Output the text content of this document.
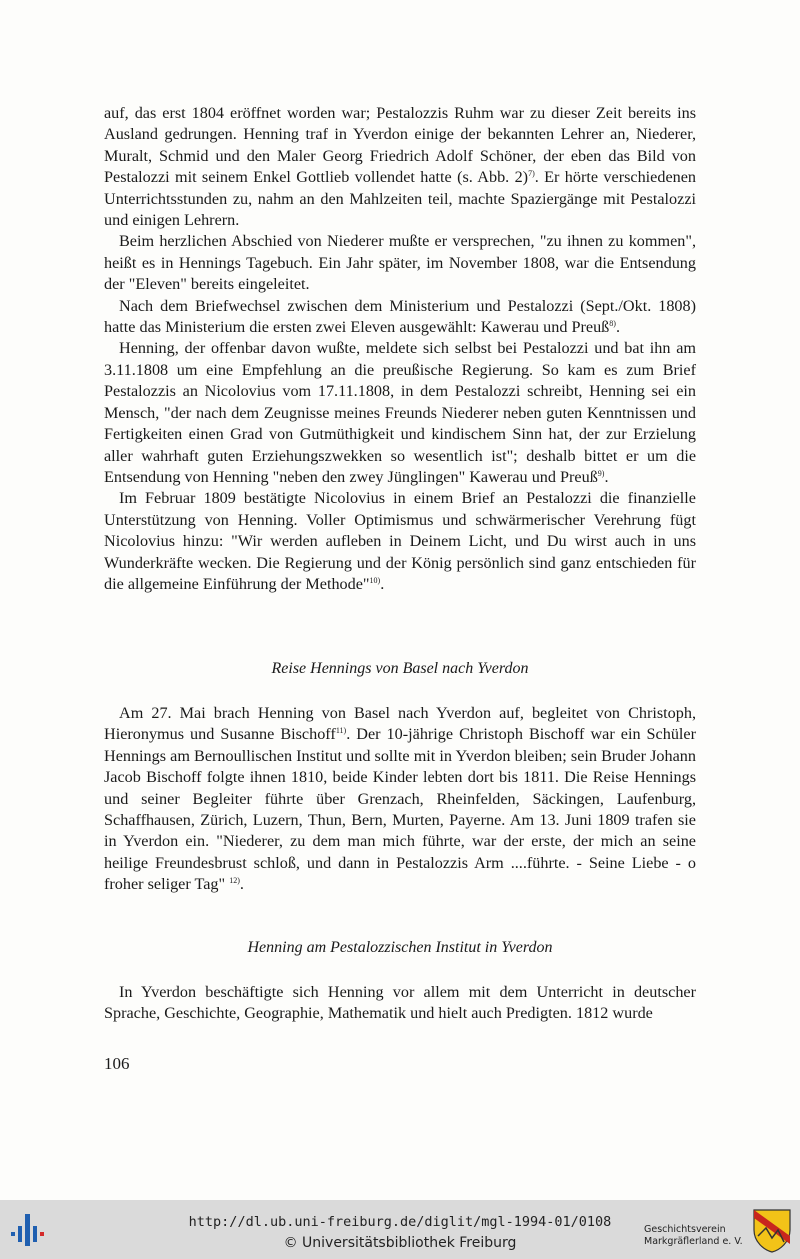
auf, das erst 1804 eröffnet worden war; Pestalozzis Ruhm war zu dieser Zeit bereits ins Ausland gedrungen. Henning traf in Yverdon einige der bekannten Lehrer an, Niederer, Muralt, Schmid und den Maler Georg Friedrich Adolf Schöner, der eben das Bild von Pestalozzi mit seinem Enkel Gottlieb vollendet hatte (s. Abb. 2)$^{7)}$. Er hörte verschiedenen Unterrichtsstunden zu, nahm an den Mahlzeiten teil, machte Spaziergänge mit Pestalozzi und einigen Lehrern.

Beim herzlichen Abschied von Niederer mußte er versprechen, "zu ihnen zu kommen", heißt es in Hennings Tagebuch. Ein Jahr später, im November 1808, war die Entsendung der "Eleven" bereits eingeleitet.

Nach dem Briefwechsel zwischen dem Ministerium und Pestalozzi (Sept./Okt. 1808) hatte das Ministerium die ersten zwei Eleven ausgewählt: Kawerau und Preuß$^{8)}$.

Henning, der offenbar davon wußte, meldete sich selbst bei Pestalozzi und bat ihn am 3.11.1808 um eine Empfehlung an die preußische Regierung. So kam es zum Brief Pestalozzis an Nicolovius vom 17.11.1808, in dem Pestalozzi schreibt, Henning sei ein Mensch, "der nach dem Zeugnisse meines Freunds Niederer neben guten Kenntnissen und Fertigkeiten einen Grad von Gutmüthigkeit und kindischem Sinn hat, der zur Erzielung aller wahrhaft guten Erziehungszwekken so wesentlich ist"; deshalb bittet er um die Entsendung von Henning "neben den zwey Jünglingen" Kawerau und Preuß$^{9)}$.

Im Februar 1809 bestätigte Nicolovius in einem Brief an Pestalozzi die finanzielle Unterstützung von Henning. Voller Optimismus und schwärmerischer Verehrung fügt Nicolovius hinzu: "Wir werden aufleben in Deinem Licht, und Du wirst auch in uns Wunderkräfte wecken. Die Regierung und der König persönlich sind ganz entschieden für die allgemeine Einführung der Methode"$^{10)}$.

Reise Hennings von Basel nach Yverdon

Am 27. Mai brach Henning von Basel nach Yverdon auf, begleitet von Christoph, Hieronymus und Susanne Bischoff$^{11)}$. Der 10-jährige Christoph Bischoff war ein Schüler Hennings am Bernoullischen Institut und sollte mit in Yverdon bleiben; sein Bruder Johann Jacob Bischoff folgte ihnen 1810, beide Kinder lebten dort bis 1811. Die Reise Hennings und seiner Begleiter führte über Grenzach, Rheinfelden, Säckingen, Laufenburg, Schaffhausen, Zürich, Luzern, Thun, Bern, Murten, Payerne. Am 13. Juni 1809 trafen sie in Yverdon ein. "Niederer, zu dem man mich führte, war der erste, der mich an seine heilige Freundesbrust schloß, und dann in Pestalozzis Arm ....führte. - Seine Liebe - o froher seliger Tag" $^{12)}$.

Henning am Pestalozzischen Institut in Yverdon

In Yverdon beschäftigte sich Henning vor allem mit dem Unterricht in deutscher Sprache, Geschichte, Geographie, Mathematik und hielt auch Predigten. 1812 wurde

106
http://dl.ub.uni-freiburg.de/diglit/mgl-1994-01/0108
© Universitätsbibliothek Freiburg
Geschichtsverein
Markgräflerland e. V.
